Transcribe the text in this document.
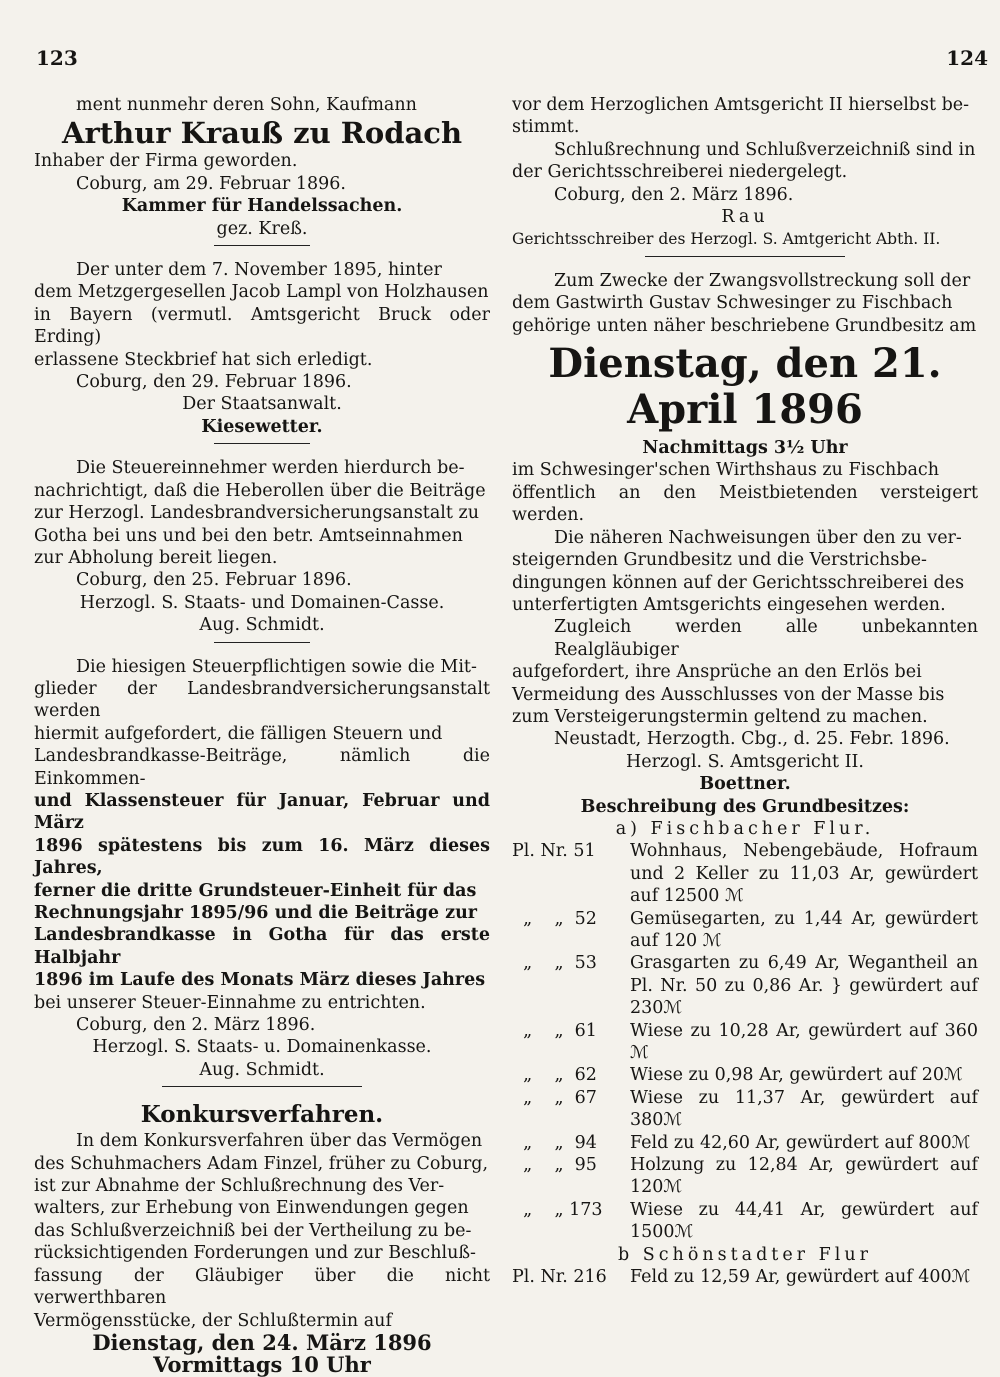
123	124
ment nunmehr deren Sohn, Kaufmann
Arthur Krauß zu Rodach
Inhaber der Firma geworden.
Coburg, am 29. Februar 1896.
Kammer für Handelssachen.
gez. Kreß.
Der unter dem 7. November 1895, hinter
dem Metzgergesellen Jacob Lampl von Holzhausen
in Bayern (vermutl. Amtsgericht Bruck oder Erding)
erlassene Steckbrief hat sich erledigt.
Coburg, den 29. Februar 1896.
Der Staatsanwalt.
Kiesewetter.
Die Steuereinnehmer werden hierdurch be-
nachrichtigt, daß die Heberollen über die Beiträge
zur Herzogl. Landesbrandversicherungsanstalt zu
Gotha bei uns und bei den betr. Amtseinnahmen
zur Abholung bereit liegen.
Coburg, den 25. Februar 1896.
Herzogl. S. Staats- und Domainen-Casse.
Aug. Schmidt.
Die hiesigen Steuerpflichtigen sowie die Mit-
glieder der Landesbrandversicherungsanstalt werden
hiermit aufgefordert, die fälligen Steuern und
Landesbrandkasse-Beiträge, nämlich die Einkommen-
und Klassensteuer für Januar, Februar und März
1896 spätestens bis zum 16. März dieses Jahres,
ferner die dritte Grundsteuer-Einheit für das
Rechnungsjahr 1895/96 und die Beiträge zur
Landesbrandkasse in Gotha für das erste Halbjahr
1896 im Laufe des Monats März dieses Jahres
bei unserer Steuer-Einnahme zu entrichten.
Coburg, den 2. März 1896.
Herzogl. S. Staats- u. Domainenkasse.
Aug. Schmidt.
Konkursverfahren.
In dem Konkursverfahren über das Vermögen
des Schuhmachers Adam Finzel, früher zu Coburg,
ist zur Abnahme der Schlußrechnung des Ver-
walters, zur Erhebung von Einwendungen gegen
das Schlußverzeichniß bei der Vertheilung zu be-
rücksichtigenden Forderungen und zur Beschluß-
fassung der Gläubiger über die nicht verwerthbaren
Vermögensstücke, der Schlußtermin auf
Dienstag, den 24. März 1896
Vormittags 10 Uhr
vor dem Herzoglichen Amtsgericht II hierselbst be-
stimmt.
Schlußrechnung und Schlußverzeichniß sind in
der Gerichtsschreiberei niedergelegt.
Coburg, den 2. März 1896.
Rau
Gerichtsschreiber des Herzogl. S. Amtgericht Abth. II.
Zum Zwecke der Zwangsvollstreckung soll der
dem Gastwirth Gustav Schwesinger zu Fischbach
gehörige unten näher beschriebene Grundbesitz am
Dienstag, den 21. April 1896
Nachmittags 3½ Uhr
im Schwesinger'schen Wirthshaus zu Fischbach
öffentlich an den Meistbietenden versteigert werden.
Die näheren Nachweisungen über den zu ver-
steigernden Grundbesitz und die Verstrichsbe-
dingungen können auf der Gerichtsschreiberei des
unterfertigten Amtsgerichts eingesehen werden.
Zugleich werden alle unbekannten Realgläubiger
aufgefordert, ihre Ansprüche an den Erlös bei
Vermeidung des Ausschlusses von der Masse bis
zum Versteigerungstermin geltend zu machen.
Neustadt, Herzogth. Cbg., d. 25. Febr. 1896.
Herzogl. S. Amtsgericht II.
Boettner.
Beschreibung des Grundbesitzes:
a) Fischbacher Flur.
Pl. Nr. 51	Wohnhaus, Nebengebäude, Hofraum und 2 Keller zu 11,03 Ar, gewürdert auf 12500 ℳ
„    „  52	Gemüsegarten, zu 1,44 Ar, gewürdert auf 120 ℳ
„    „  53	Grasgarten zu 6,49 Ar, Wegantheil an Pl. Nr. 50 zu 0,86 Ar. } gewürdert auf 230ℳ
„    „  61	Wiese zu 10,28 Ar, gewürdert auf 360 ℳ
„    „  62	Wiese zu 0,98 Ar, gewürdert auf 20ℳ
„    „  67	Wiese zu 11,37 Ar, gewürdert auf 380ℳ
„    „  94	Feld zu 42,60 Ar, gewürdert auf 800ℳ
„    „  95	Holzung zu 12,84 Ar, gewürdert auf 120ℳ
„    „ 173	Wiese zu 44,41 Ar, gewürdert auf 1500ℳ
b Schönstadter Flur
Pl. Nr. 216	Feld zu 12,59 Ar, gewürdert auf 400ℳ
